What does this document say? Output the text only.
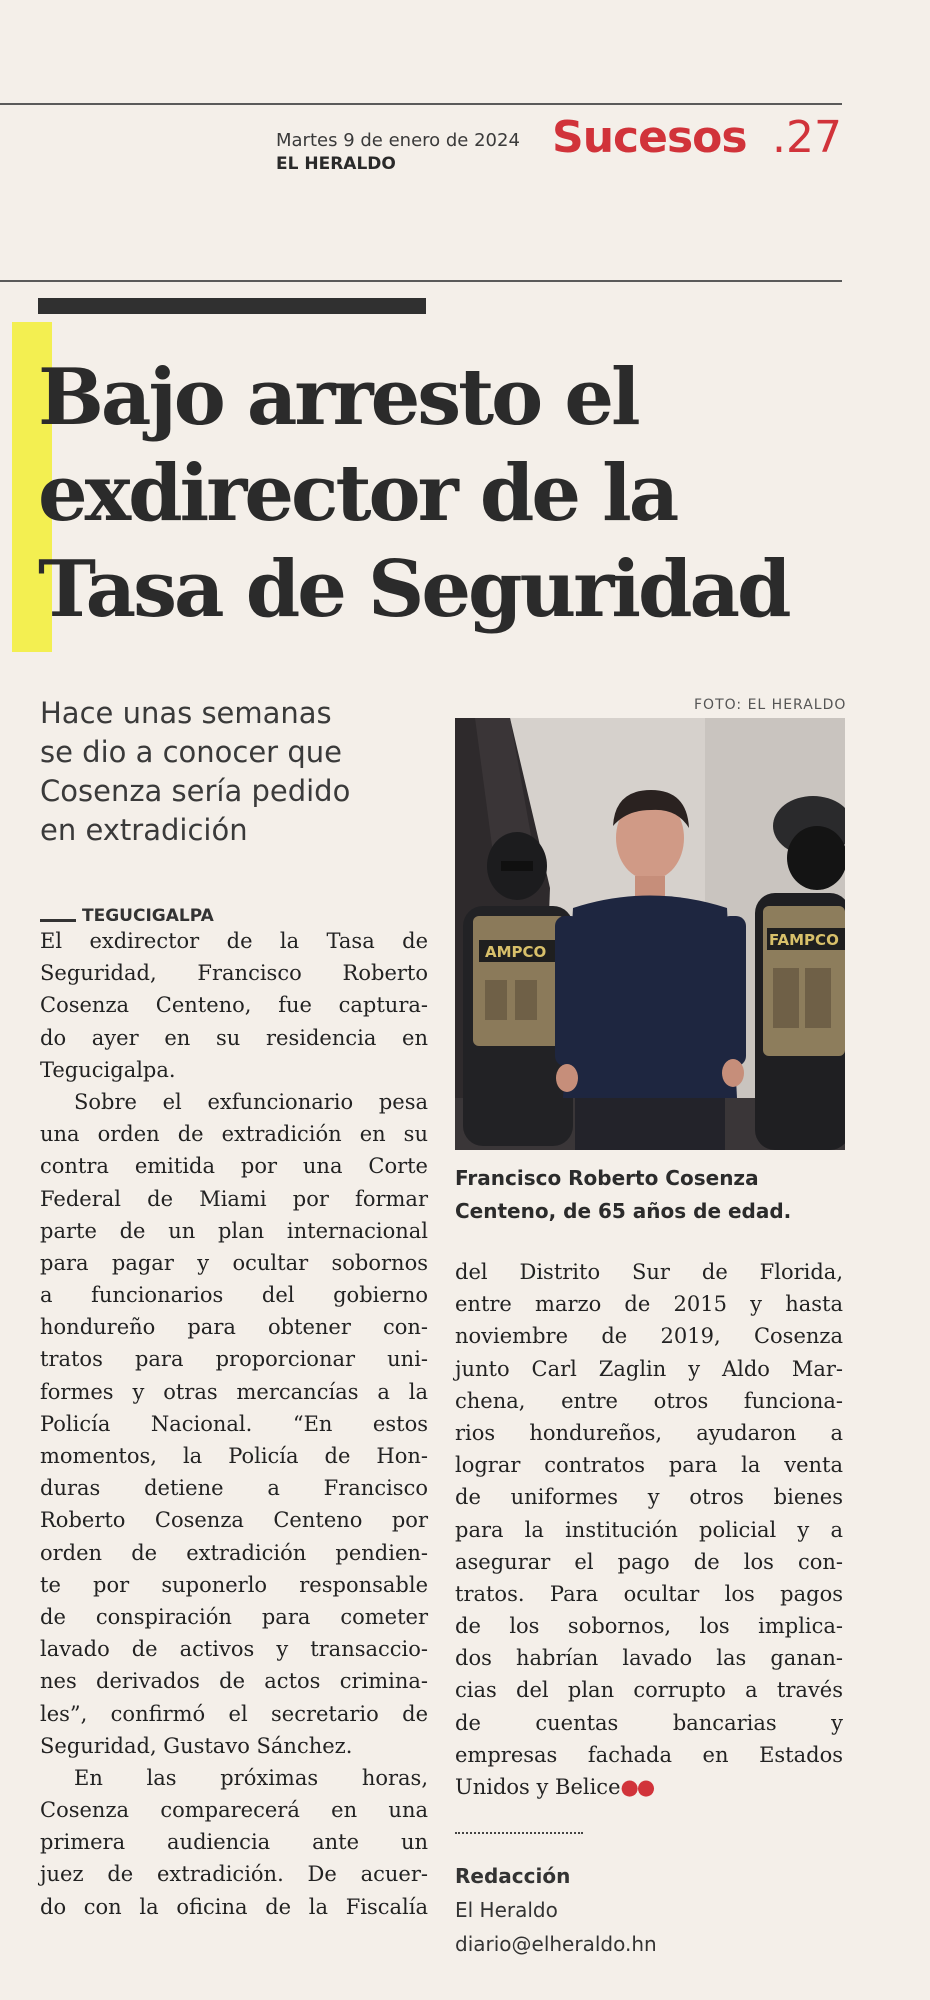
Martes 9 de enero de 2024
EL HERALDO
Sucesos .27
Bajo arresto el
exdirector de la
Tasa de Seguridad

Hace unas semanas
se dio a conocer que
Cosenza sería pedido
en extradición

FOTO: EL HERALDO
AMPCO
FAMPCO

Francisco Roberto Cosenza
Centeno, de 65 años de edad.

TEGUCIGALPA
El exdirector de la Tasa de
Seguridad, Francisco Roberto
Cosenza Centeno, fue captura-
do ayer en su residencia en
Tegucigalpa.
Sobre el exfuncionario pesa
una orden de extradición en su
contra emitida por una Corte
Federal de Miami por formar
parte de un plan internacional
para pagar y ocultar sobornos
a funcionarios del gobierno
hondureño para obtener con-
tratos para proporcionar uni-
formes y otras mercancías a la
Policía Nacional. “En estos
momentos, la Policía de Hon-
duras detiene a Francisco
Roberto Cosenza Centeno por
orden de extradición pendien-
te por suponerlo responsable
de conspiración para cometer
lavado de activos y transaccio-
nes derivados de actos crimina-
les”, confirmó el secretario de
Seguridad, Gustavo Sánchez.
En las próximas horas,
Cosenza comparecerá en una
primera audiencia ante un
juez de extradición. De acuer-
do con la oficina de la Fiscalía
del Distrito Sur de Florida,
entre marzo de 2015 y hasta
noviembre de 2019, Cosenza
junto Carl Zaglin y Aldo Mar-
chena, entre otros funciona-
rios hondureños, ayudaron a
lograr contratos para la venta
de uniformes y otros bienes
para la institución policial y a
asegurar el pago de los con-
tratos. Para ocultar los pagos
de los sobornos, los implica-
dos habrían lavado las ganan-
cias del plan corrupto a través
de cuentas bancarias y
empresas fachada en Estados
Unidos y Belice●●
Redacción
El Heraldo
diario@elheraldo.hn
